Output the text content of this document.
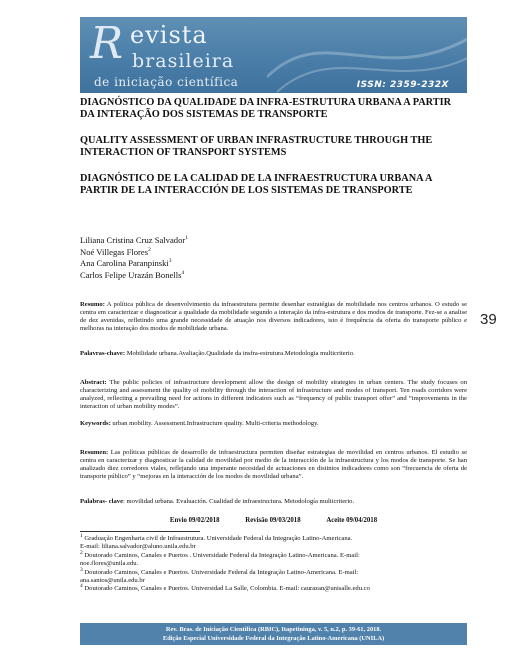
R evista
brasileira
de iniciação científica	ISSN: 2359-232X

DIAGNÓSTICO DA QUALIDADE DA INFRA-ESTRUTURA URBANA A PARTIR DA INTERAÇÃO DOS SISTEMAS DE TRANSPORTE

QUALITY ASSESSMENT OF URBAN INFRASTRUCTURE THROUGH THE INTERACTION OF TRANSPORT SYSTEMS

DIAGNÓSTICO DE LA CALIDAD DE LA INFRAESTRUCTURA URBANA A PARTIR DE LA INTERACCIÓN DE LOS SISTEMAS DE TRANSPORTE

Liliana Cristina Cruz Salvador$^1$
Noé Villegas Flores$^2$
Ana Carolina Paranpinski$^3$
Carlos Felipe Urazán Bonells$^4$
39

Resumo: A política pública de desenvolvimento da infraestrutura permite desenhar estratégias de mobilidade nos centros urbanos. O estudo se centra em caracterizar e diagnosticar a qualidade da mobilidade segundo a interação da infra-estrutura e dos modos de transporte. Fez-se a analise de dez avenidas, refletindo uma grande necessidade de atuação nos diversos indicadores, isto é frequência da oferta do transporte público e melhoras na interação dos modos de mobilidade urbana.

Palavras-chave: Mobilidade urbana.Avaliação.Qualidade da insfra-estrutura.Metodologia multicriterio.

Abstract: The public policies of infrastructure development allow the design of mobility strategies in urban centers. The study focuses on characterizing and assessment the quality of mobility through the interaction of infrastructure and modes of transport. Ten roads corridors were analyzed, reflecting a prevailing need for actions in different indicators such as “frequency of public transport offer” and “improvements in the interaction of urban mobility modes”.

Keywords: urban mobility. Assessment.Infrastructure quality. Multi-criteria methodology.

Resumen: Las políticas públicas de desarrollo de infraestructura permiten diseñar estrategias de movilidad en centros urbanos. El estudio se centra en caracterizar y diagnosticar la calidad de movilidad por medio de la interacción de la infraestructura y los modos de transporte. Se han analizado diez corredores viales, reflejando una imperante necesidad de actuaciones en distintos indicadores como son “frecuencia de oferta de transporte público” y “mejoras en la interacción de los modos de movilidad urbana”.

Palabras- clave: movilidad urbana. Evaluación. Cualidad de infraestructura. Metodología multicriterio.

Envio 09/02/2018	Revisão 09/03/2018	Aceite 09/04/2018
$^1$ Graduação Engenharia civil de Infraestrutura. Universidade Federal da Integração Latino-Americana.
E-mail: liliana.salvador@aluno.unila.edu.br
$^2$ Doutorado Caminos, Canales e Puertos . Universidade Federal da Integração Latino-Americana. E-mail:
noe.flores@unila.edu.
$^3$ Doutorado Caminos, Canales e Puertos. Universidade Federal da Integração Latino-Americana. E-mail:
ana.santos@unila.edu.br
$^4$ Doutorado Caminos, Canales e Puertos. Universidad La Salle, Colombia. E-mail: caurazan@unisalle.edu.co
Rev. Bras. de Iniciação Científica (RBIC), Itapetininga, v. 5, n.2, p. 39-61, 2018.
Edição Especial Universidade Federal da Integração Latino-Americana (UNILA)
